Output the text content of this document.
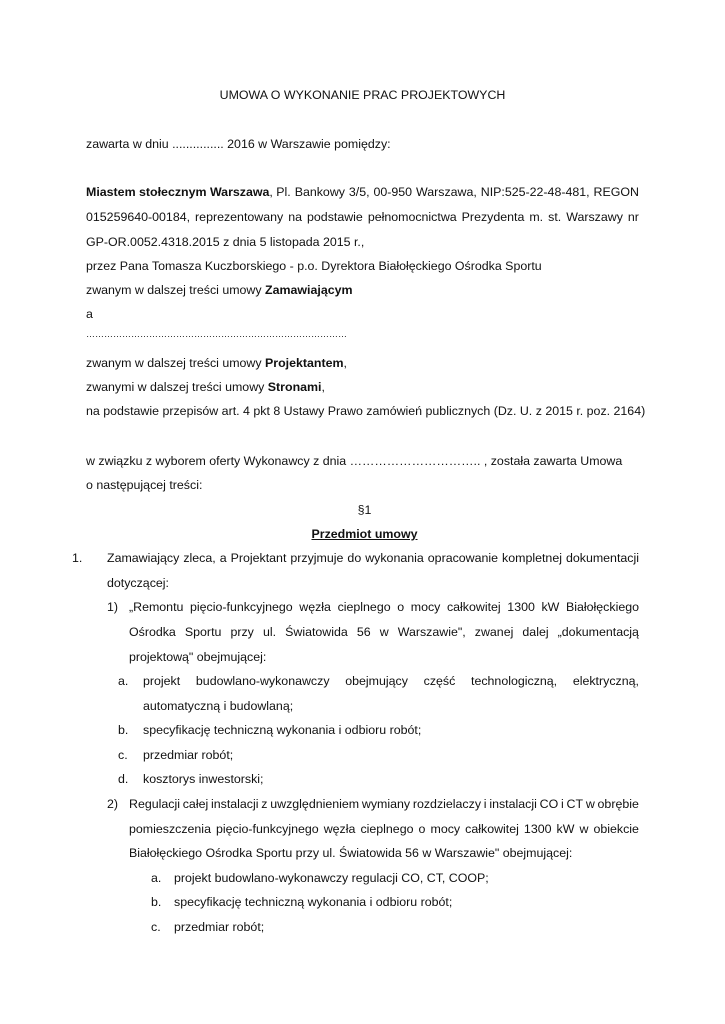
UMOWA O WYKONANIE PRAC PROJEKTOWYCH
zawarta w dniu ............... 2016 w Warszawie pomiędzy:
Miastem stołecznym Warszawa, Pl. Bankowy 3/5, 00-950 Warszawa, NIP:525-22-48-481, REGON
015259640-00184, reprezentowany na podstawie pełnomocnictwa Prezydenta m. st. Warszawy nr
GP-OR.0052.4318.2015 z dnia 5 listopada 2015 r.,
przez Pana Tomasza Kuczborskiego - p.o. Dyrektora Białołęckiego Ośrodka Sportu
zwanym w dalszej treści umowy Zamawiającym
a
……………………………………………………………………………
zwanym w dalszej treści umowy Projektantem,
zwanymi w dalszej treści umowy Stronami,
na podstawie przepisów art. 4 pkt 8 Ustawy Prawo zamówień publicznych (Dz. U. z 2015 r. poz. 2164)
w związku z wyborem oferty Wykonawcy z dnia ………………………….. , została zawarta Umowa
o następującej treści:
§1
Przedmiot umowy
1. Zamawiający zleca, a Projektant przyjmuje do wykonania opracowanie kompletnej dokumentacji
dotyczącej:
1) „Remontu pięcio-funkcyjnego węzła cieplnego o mocy całkowitej 1300 kW Białołęckiego
Ośrodka Sportu przy ul. Światowida 56 w Warszawie", zwanej dalej „dokumentacją
projektową" obejmującej:
a. projekt budowlano-wykonawczy obejmujący część technologiczną, elektryczną,
automatyczną i budowlaną;
b. specyfikację techniczną wykonania i odbioru robót;
c. przedmiar robót;
d. kosztorys inwestorski;
2) Regulacji całej instalacji z uwzględnieniem wymiany rozdzielaczy i instalacji CO i CT w obrębie
pomieszczenia pięcio-funkcyjnego węzła cieplnego o mocy całkowitej 1300 kW w obiekcie
Białołęckiego Ośrodka Sportu przy ul. Światowida 56 w Warszawie" obejmującej:
a. projekt budowlano-wykonawczy regulacji CO, CT, COOP;
b. specyfikację techniczną wykonania i odbioru robót;
c. przedmiar robót;
